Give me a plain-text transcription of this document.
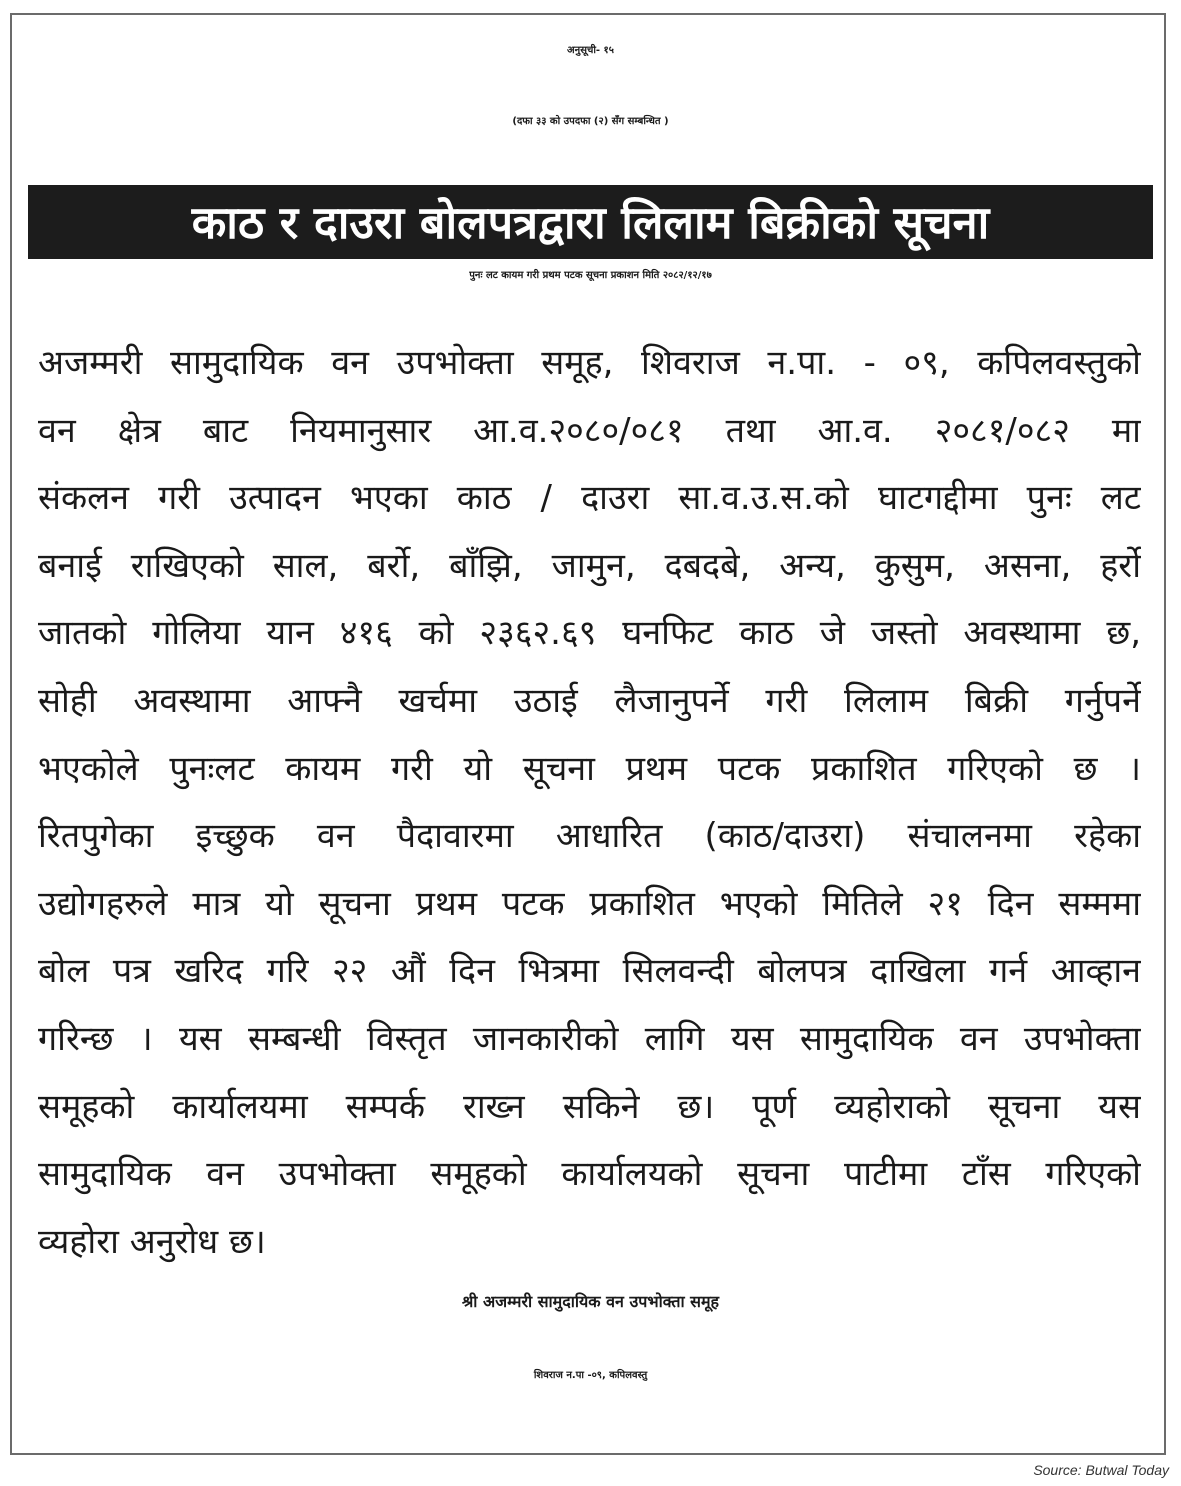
अनुसूची- १५
(दफा ३३ को उपदफा (२) सँग सम्बन्धित )
काठ र दाउरा बोलपत्रद्वारा लिलाम बिक्रीको सूचना
पुनः लट कायम गरी प्रथम पटक सूचना प्रकाशन मिति २०८२/१२/१७
अजम्मरी सामुदायिक वन उपभोक्ता समूह, शिवराज न.पा. - ०९, कपिलवस्तुको
वन क्षेत्र बाट नियमानुसार आ.व.२०८०/०८१ तथा आ.व. २०८१/०८२ मा
संकलन गरी उत्पादन भएका काठ / दाउरा सा.व.उ.स.को घाटगद्दीमा पुनः लट
बनाई राखिएको साल, बर्रो, बाँझि, जामुन, दबदबे, अन्य, कुसुम, असना, हर्रो
जातको गोलिया यान ४१६ को २३६२.६९ घनफिट काठ जे जस्तो अवस्थामा छ,
सोही अवस्थामा आफ्नै खर्चमा उठाई लैजानुपर्ने गरी लिलाम बिक्री गर्नुपर्ने
भएकोले पुनःलट कायम गरी यो सूचना प्रथम पटक प्रकाशित गरिएको छ ।
रितपुगेका इच्छुक वन पैदावारमा आधारित (काठ/दाउरा) संचालनमा रहेका
उद्योगहरुले मात्र यो सूचना प्रथम पटक प्रकाशित भएको मितिले २१ दिन सम्ममा
बोल पत्र खरिद गरि २२ औं दिन भित्रमा सिलवन्दी बोलपत्र दाखिला गर्न आव्हान
गरिन्छ । यस सम्बन्धी विस्तृत जानकारीको लागि यस सामुदायिक वन उपभोक्ता
समूहको कार्यालयमा सम्पर्क राख्न सकिने छ। पूर्ण व्यहोराको सूचना यस
सामुदायिक वन उपभोक्ता समूहको कार्यालयको सूचना पाटीमा टाँस गरिएको
व्यहोरा अनुरोध छ।
श्री अजम्मरी सामुदायिक वन उपभोक्ता समूह
शिवराज न.पा -०९, कपिलवस्तु
Source: Butwal Today
